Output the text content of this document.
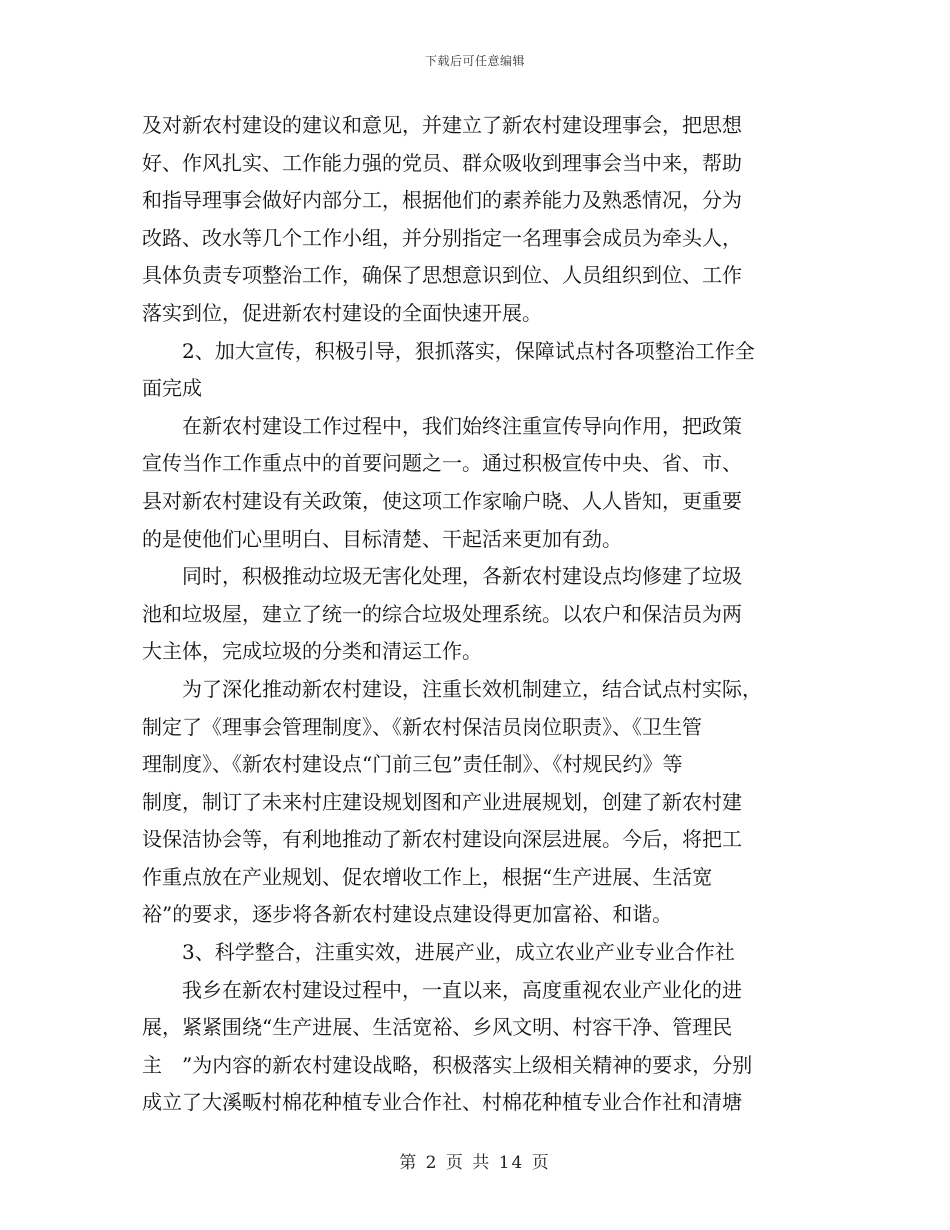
下载后可任意编辑
及对新农村建设的建议和意见，并建立了新农村建设理事会，把思想
好、作风扎实、工作能力强的党员、群众吸收到理事会当中来，帮助
和指导理事会做好内部分工，根据他们的素养能力及熟悉情况，分为
改路、改水等几个工作小组，并分别指定一名理事会成员为牵头人，
具体负责专项整治工作，确保了思想意识到位、人员组织到位、工作
落实到位，促进新农村建设的全面快速开展。
　　2、加大宣传，积极引导，狠抓落实，保障试点村各项整治工作全
面完成
　　在新农村建设工作过程中，我们始终注重宣传导向作用，把政策
宣传当作工作重点中的首要问题之一。通过积极宣传中央、省、市、
县对新农村建设有关政策，使这项工作家喻户晓、人人皆知，更重要
的是使他们心里明白、目标清楚、干起活来更加有劲。
　　同时，积极推动垃圾无害化处理，各新农村建设点均修建了垃圾
池和垃圾屋，建立了统一的综合垃圾处理系统。以农户和保洁员为两
大主体，完成垃圾的分类和清运工作。
　　为了深化推动新农村建设，注重长效机制建立，结合试点村实际，
制定了《理事会管理制度》、《新农村保洁员岗位职责》、《卫生管
理制度》、《新农村建设点“门前三包”责任制》、《村规民约》等
制度，制订了未来村庄建设规划图和产业进展规划，创建了新农村建
设保洁协会等，有利地推动了新农村建设向深层进展。今后，将把工
作重点放在产业规划、促农增收工作上，根据“生产进展、生活宽
裕”的要求，逐步将各新农村建设点建设得更加富裕、和谐。
　　3、科学整合，注重实效，进展产业，成立农业产业专业合作社
　　我乡在新农村建设过程中，一直以来，高度重视农业产业化的进
展，紧紧围绕“生产进展、生活宽裕、乡风文明、村容干净、管理民
主　”为内容的新农村建设战略，积极落实上级相关精神的要求，分别
成立了大溪畈村棉花种植专业合作社、村棉花种植专业合作社和清塘
第 2 页 共 14 页
